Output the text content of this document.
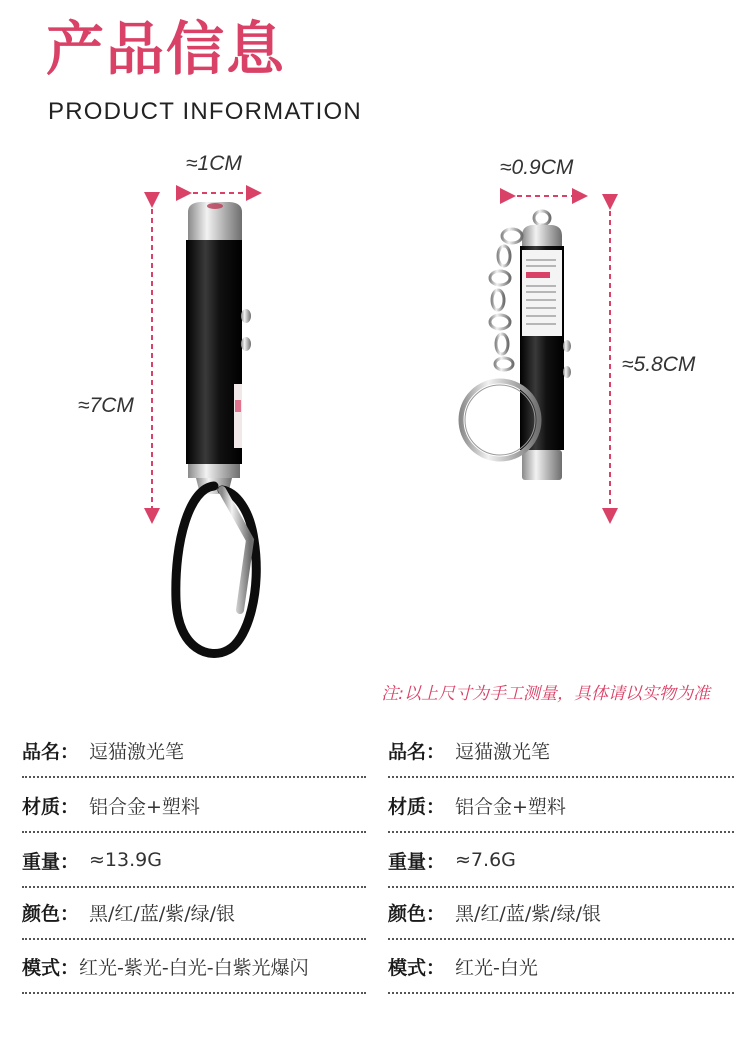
产品信息
PRODUCT INFORMATION
≈1CM
≈7CM
≈0.9CM
≈5.8CM
注:以上尺寸为手工测量，具体请以实物为准
品名： 逗猫激光笔
材质： 铝合金+塑料
重量： ≈13.9G
颜色： 黑/红/蓝/紫/绿/银
模式： 红光-紫光-白光-白紫光爆闪
品名： 逗猫激光笔
材质： 铝合金+塑料
重量： ≈7.6G
颜色： 黑/红/蓝/紫/绿/银
模式： 红光-白光
